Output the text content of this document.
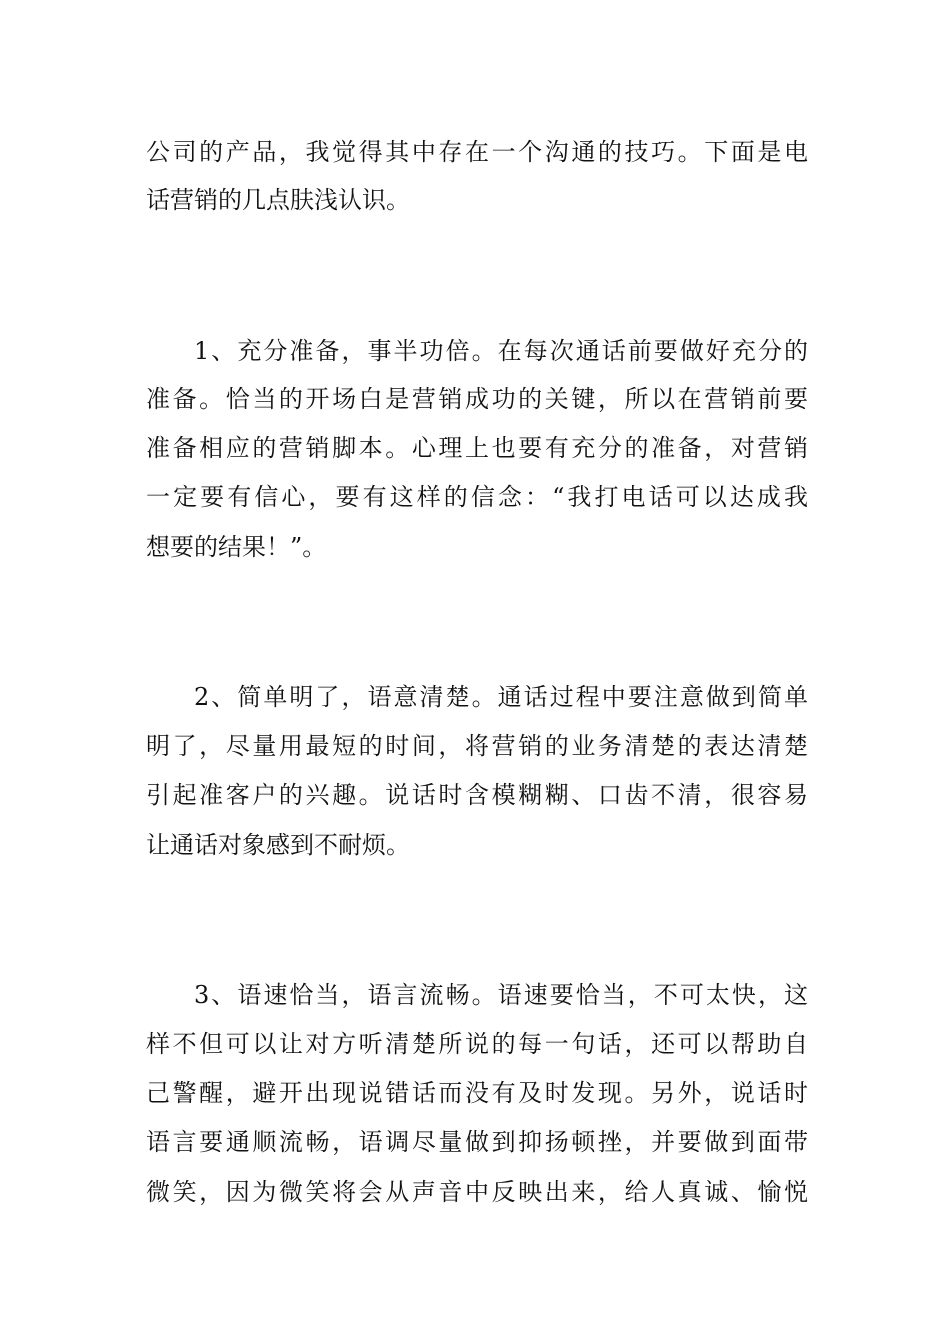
公司的产品，我觉得其中存在一个沟通的技巧。下面是电
话营销的几点肤浅认识。
1、充分准备，事半功倍。在每次通话前要做好充分的
准备。恰当的开场白是营销成功的关键，所以在营销前要
准备相应的营销脚本。心理上也要有充分的准备，对营销
一定要有信心，要有这样的信念：“我打电话可以达成我
想要的结果！”。
2、简单明了，语意清楚。通话过程中要注意做到简单
明了，尽量用最短的时间，将营销的业务清楚的表达清楚
引起准客户的兴趣。说话时含模糊糊、口齿不清，很容易
让通话对象感到不耐烦。
3、语速恰当，语言流畅。语速要恰当，不可太快，这
样不但可以让对方听清楚所说的每一句话，还可以帮助自
己警醒，避开出现说错话而没有及时发现。另外，说话时
语言要通顺流畅，语调尽量做到抑扬顿挫，并要做到面带
微笑，因为微笑将会从声音中反映出来，给人真诚、愉悦
